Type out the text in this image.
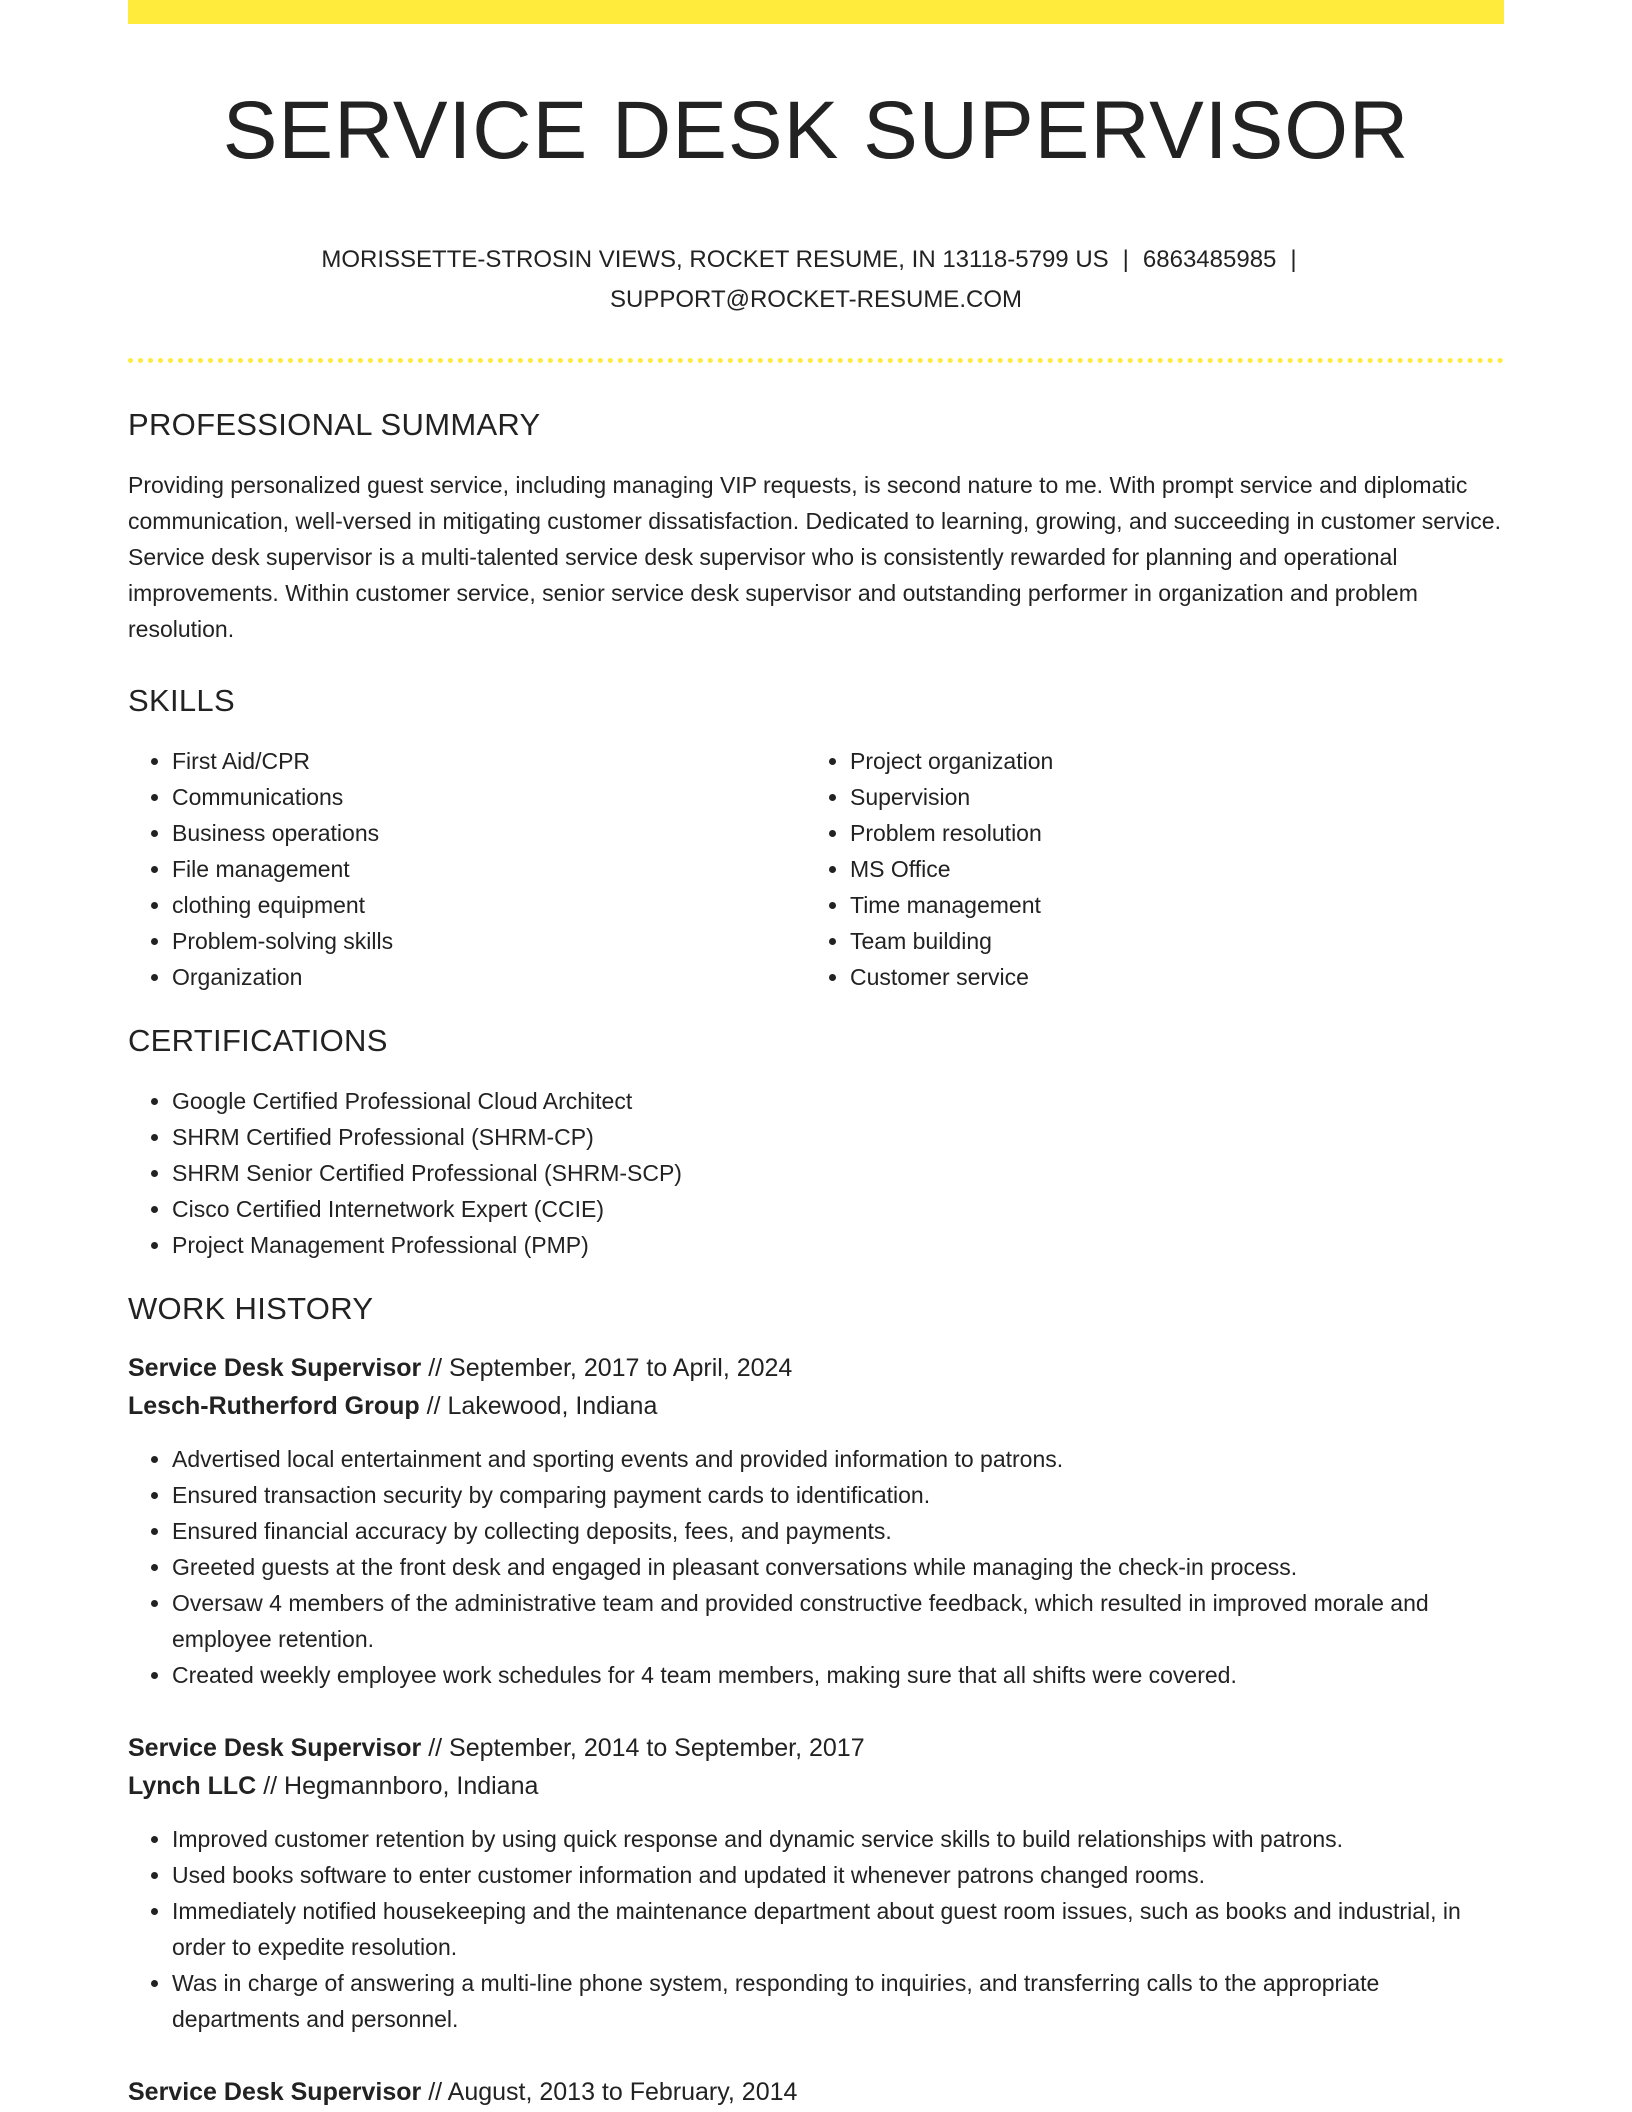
SERVICE DESK SUPERVISOR
MORISSETTE-STROSIN VIEWS, ROCKET RESUME, IN 13118-5799 US | 6863485985 |
SUPPORT@ROCKET-RESUME.COM
PROFESSIONAL SUMMARY
Providing personalized guest service, including managing VIP requests, is second nature to me. With prompt service and diplomatic communication, well-versed in mitigating customer dissatisfaction. Dedicated to learning, growing, and succeeding in customer service. Service desk supervisor is a multi-talented service desk supervisor who is consistently rewarded for planning and operational improvements. Within customer service, senior service desk supervisor and outstanding performer in organization and problem resolution.
SKILLS
• First Aid/CPR
• Communications
• Business operations
• File management
• clothing equipment
• Problem-solving skills
• Organization
• Project organization
• Supervision
• Problem resolution
• MS Office
• Time management
• Team building
• Customer service
CERTIFICATIONS
• Google Certified Professional Cloud Architect
• SHRM Certified Professional (SHRM-CP)
• SHRM Senior Certified Professional (SHRM-SCP)
• Cisco Certified Internetwork Expert (CCIE)
• Project Management Professional (PMP)
WORK HISTORY
Service Desk Supervisor // September, 2017 to April, 2024
Lesch-Rutherford Group // Lakewood, Indiana
• Advertised local entertainment and sporting events and provided information to patrons.
• Ensured transaction security by comparing payment cards to identification.
• Ensured financial accuracy by collecting deposits, fees, and payments.
• Greeted guests at the front desk and engaged in pleasant conversations while managing the check-in process.
• Oversaw 4 members of the administrative team and provided constructive feedback, which resulted in improved morale and employee retention.
• Created weekly employee work schedules for 4 team members, making sure that all shifts were covered.
Service Desk Supervisor // September, 2014 to September, 2017
Lynch LLC // Hegmannboro, Indiana
• Improved customer retention by using quick response and dynamic service skills to build relationships with patrons.
• Used books software to enter customer information and updated it whenever patrons changed rooms.
• Immediately notified housekeeping and the maintenance department about guest room issues, such as books and industrial, in order to expedite resolution.
• Was in charge of answering a multi-line phone system, responding to inquiries, and transferring calls to the appropriate departments and personnel.
Service Desk Supervisor // August, 2013 to February, 2014
